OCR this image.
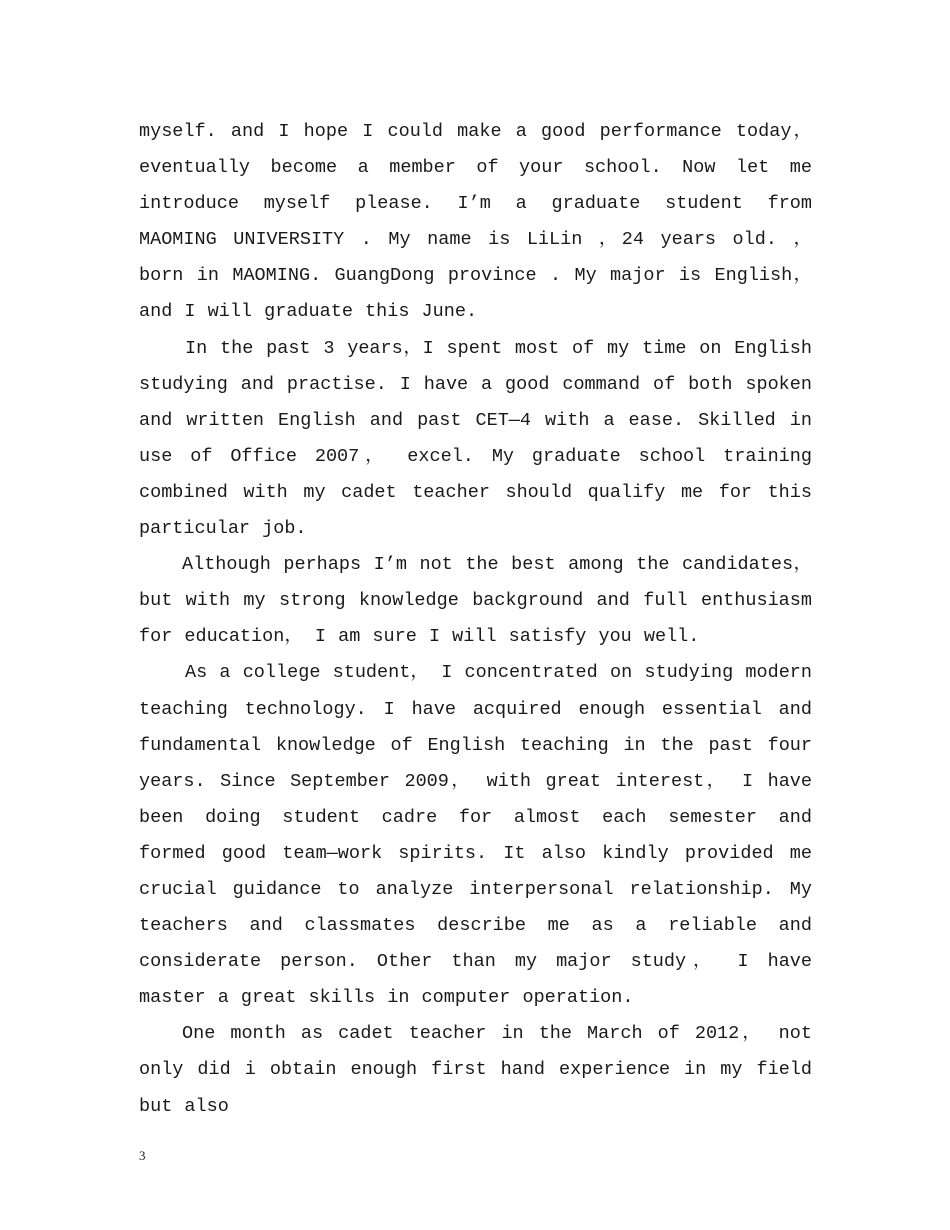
myself. and I hope I could make a good performance today， eventually become a member of your school. Now let me introduce myself please. I’m a graduate student from MAOMING UNIVERSITY . My name is LiLin ，24 years old. ， born in MAOMING. GuangDong province . My major is English， and I will graduate this June.

In the past 3 years，I spent most of my time on English studying and practise. I have a good command of both spoken and written English and past CET—4 with a ease. Skilled in use of Office 2007， excel. My graduate school training combined with my cadet teacher should qualify me for this particular job.

Although perhaps I’m not the best among the candidates， but with my strong knowledge background and full enthusiasm for education， I am sure I will satisfy you well.

As a college student， I concentrated on studying modern teaching technology. I have acquired enough essential and fundamental knowledge of English teaching in the past four years. Since September 2009， with great interest， I have been doing student cadre for almost each semester and formed good team—work spirits. It also kindly provided me crucial guidance to analyze interpersonal relationship. My teachers and classmates describe me as a reliable and considerate person. Other than my major study， I have master a great skills in computer operation.

One month as cadet teacher in the March of 2012， not only did i obtain enough first hand experience in my field but also

3
